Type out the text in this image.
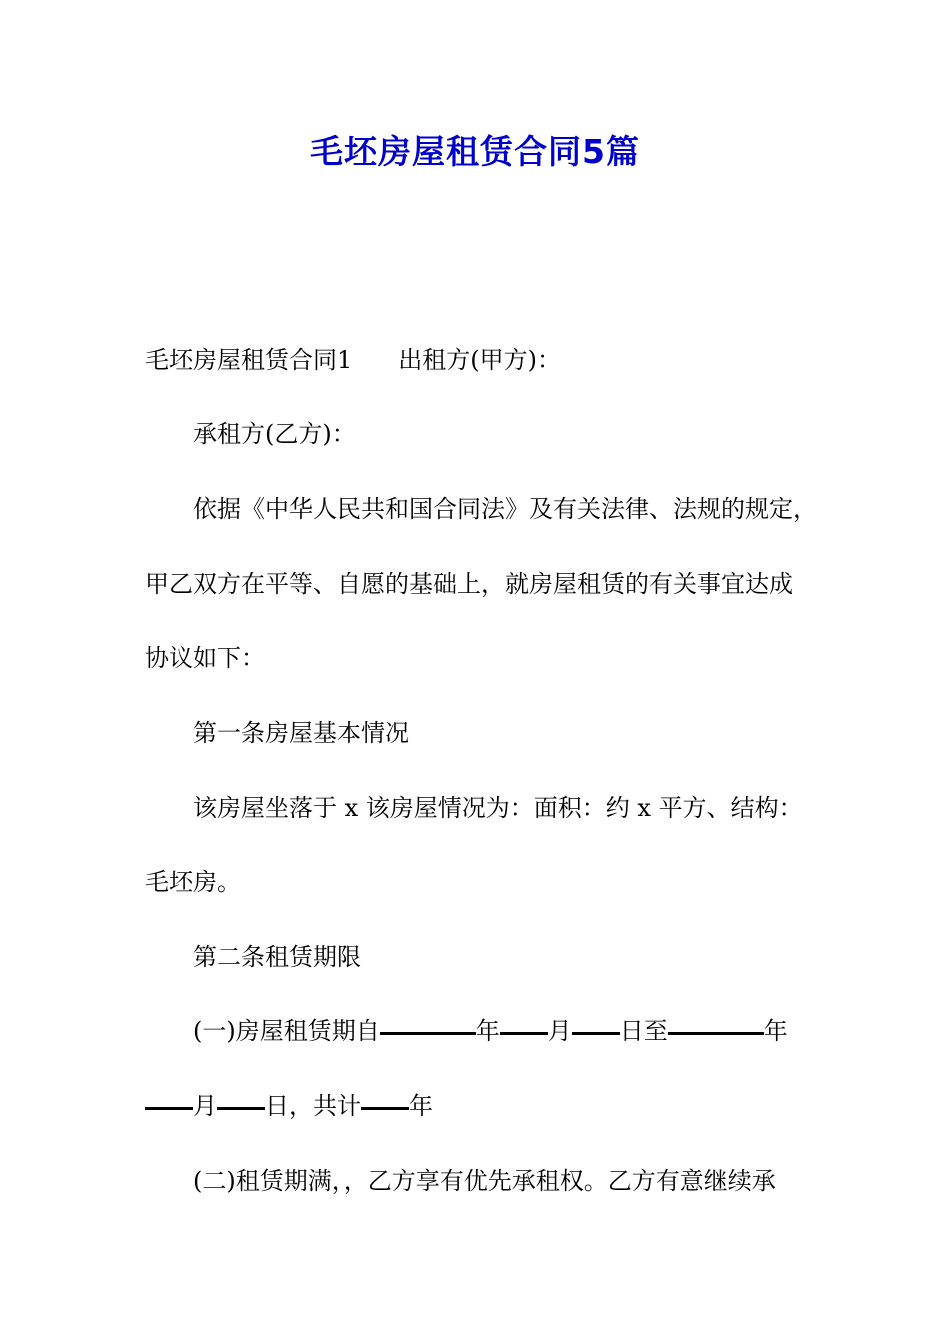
毛坯房屋租赁合同5篇

毛坯房屋租赁合同1 出租方(甲方)：

承租方(乙方)：

依据《中华人民共和国合同法》及有关法律、法规的规定，

甲乙双方在平等、自愿的基础上，就房屋租赁的有关事宜达成

协议如下：

第一条房屋基本情况

该房屋坐落于 x 该房屋情况为：面积：约 x 平方、结构：

毛坯房。

第二条租赁期限

(一)房屋租赁期自	年 月 日至	年

月 日，共计 年

(二)租赁期满，，乙方享有优先承租权。乙方有意继续承
